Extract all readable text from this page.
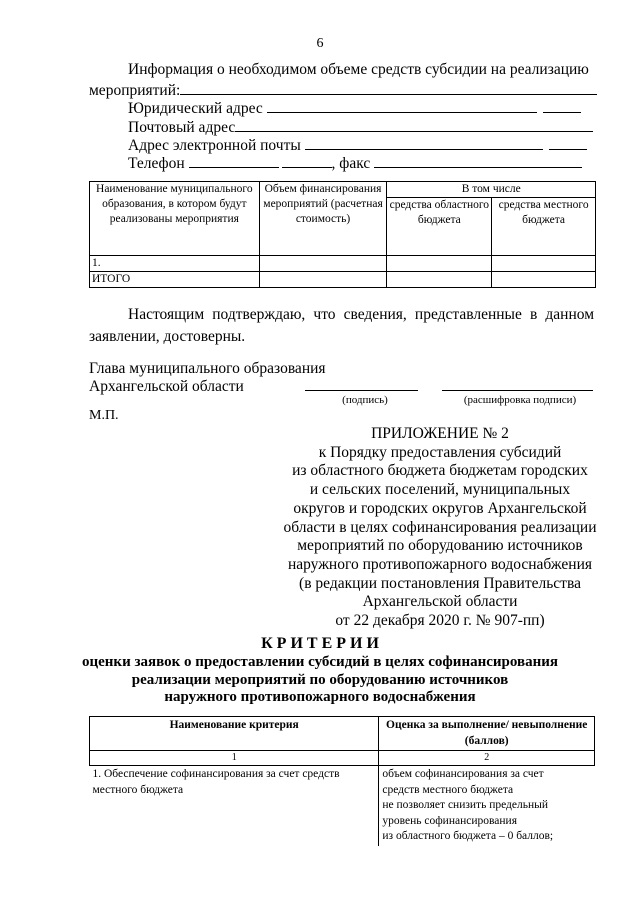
6
Информация о необходимом объеме средств субсидии на реализацию
мероприятий:
Юридический адрес
Почтовый адрес
Адрес электронной почты
Телефон	, факс
Наименование муниципального образования, в котором будут реализованы мероприятия	Объем финансирования мероприятий (расчетная стоимость)	В том числе	
		средства областного бюджета	средства местного бюджета
1.			
ИТОГО			
Настоящим подтверждаю, что сведения, представленные в данном заявлении, достоверны.
Глава муниципального образования
Архангельской области
(подпись)	(расшифровка подписи)
М.П.
ПРИЛОЖЕНИЕ № 2
к Порядку предоставления субсидий
из областного бюджета бюджетам городских
и сельских поселений, муниципальных
округов и городских округов Архангельской
области в целях софинансирования реализации
мероприятий по оборудованию источников
наружного противопожарного водоснабжения
(в редакции постановления Правительства
Архангельской области
от 22 декабря 2020 г. № 907-пп)
К Р И Т Е Р И И
оценки заявок о предоставлении субсидий в целях софинансирования
реализации мероприятий по оборудованию источников
наружного противопожарного водоснабжения
Наименование критерия	Оценка за выполнение/ невыполнение (баллов)
1	2
1. Обеспечение софинансирования за счет средств местного бюджета	объем софинансирования за счет
средств местного бюджета
не позволяет снизить предельный
уровень софинансирования
из областного бюджета – 0 баллов;
